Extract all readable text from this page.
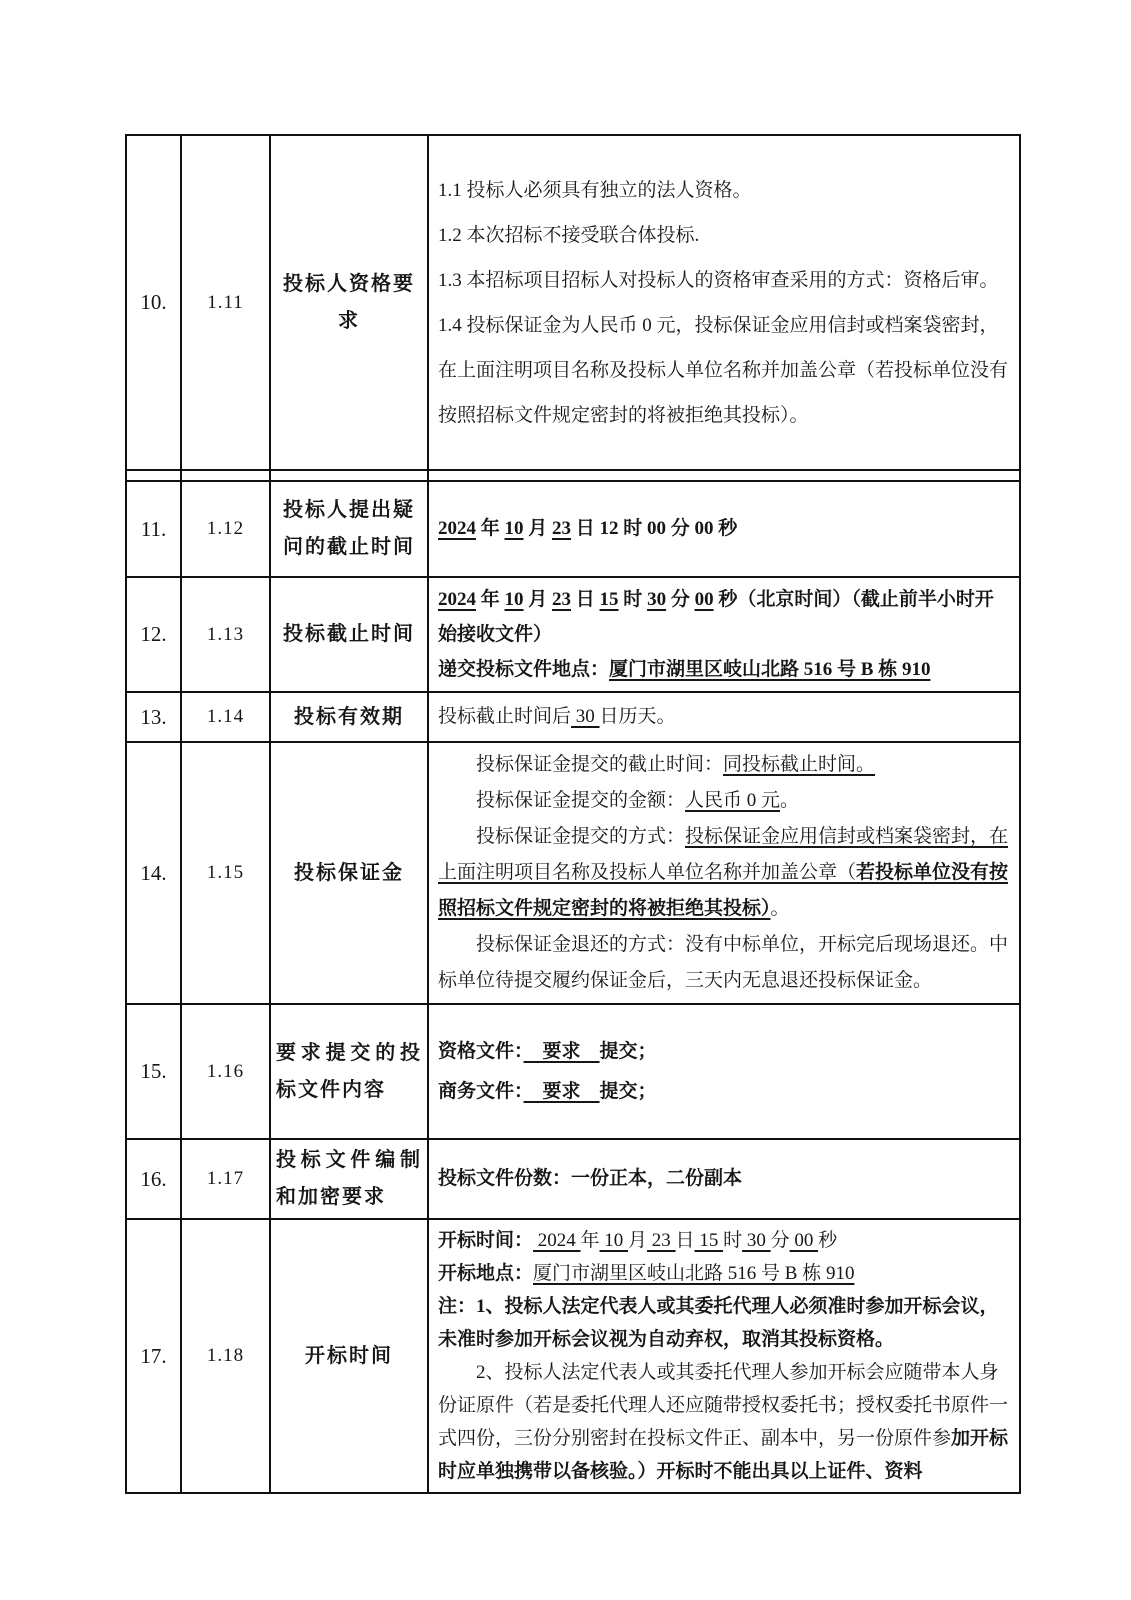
10.	1.11	投标人资格要求	1.1 投标人必须具有独立的法人资格。

1.2 本次招标不接受联合体投标.

1.3 本招标项目招标人对投标人的资格审查采用的方式：资格后审。

1.4 投标保证金为人民币 0 元，投标保证金应用信封或档案袋密封，在上面注明项目名称及投标人单位名称并加盖公章（若投标单位没有按照招标文件规定密封的将被拒绝其投标）。

11.	1.12	投标人提出疑问的截止时间	2024 年 10 月 23 日 12 时 00 分 00 秒

12.	1.13	投标截止时间	2024 年 10 月 23 日 15 时 30 分 00 秒（北京时间）（截止前半小时开始接收文件）

递交投标文件地点：厦门市湖里区岐山北路 516 号 B 栋 910

13.	1.14	投标有效期	投标截止时间后 30 日历天。

14.	1.15	投标保证金	投标保证金提交的截止时间：同投标截止时间。

投标保证金提交的金额：人民币 0 元。

投标保证金提交的方式：投标保证金应用信封或档案袋密封，在上面注明项目名称及投标人单位名称并加盖公章（若投标单位没有按照招标文件规定密封的将被拒绝其投标）。

投标保证金退还的方式：没有中标单位，开标完后现场退还。中标单位待提交履约保证金后，三天内无息退还投标保证金。

15.	1.16	要求提交的投标文件内容	资格文件：　要求　提交；

商务文件：　要求　提交；

16.	1.17	投标文件编制和加密要求	投标文件份数：一份正本，二份副本

17.	1.18	开标时间	开标时间： 2024 年 10 月 23 日 15 时 30 分 00 秒

开标地点：厦门市湖里区岐山北路 516 号 B 栋 910

注：1、投标人法定代表人或其委托代理人必须准时参加开标会议，未准时参加开标会议视为自动弃权，取消其投标资格。

2、投标人法定代表人或其委托代理人参加开标会应随带本人身份证原件（若是委托代理人还应随带授权委托书；授权委托书原件一式四份，三份分别密封在投标文件正、副本中，另一份原件参加开标时应单独携带以备核验。）开标时不能出具以上证件、资料
